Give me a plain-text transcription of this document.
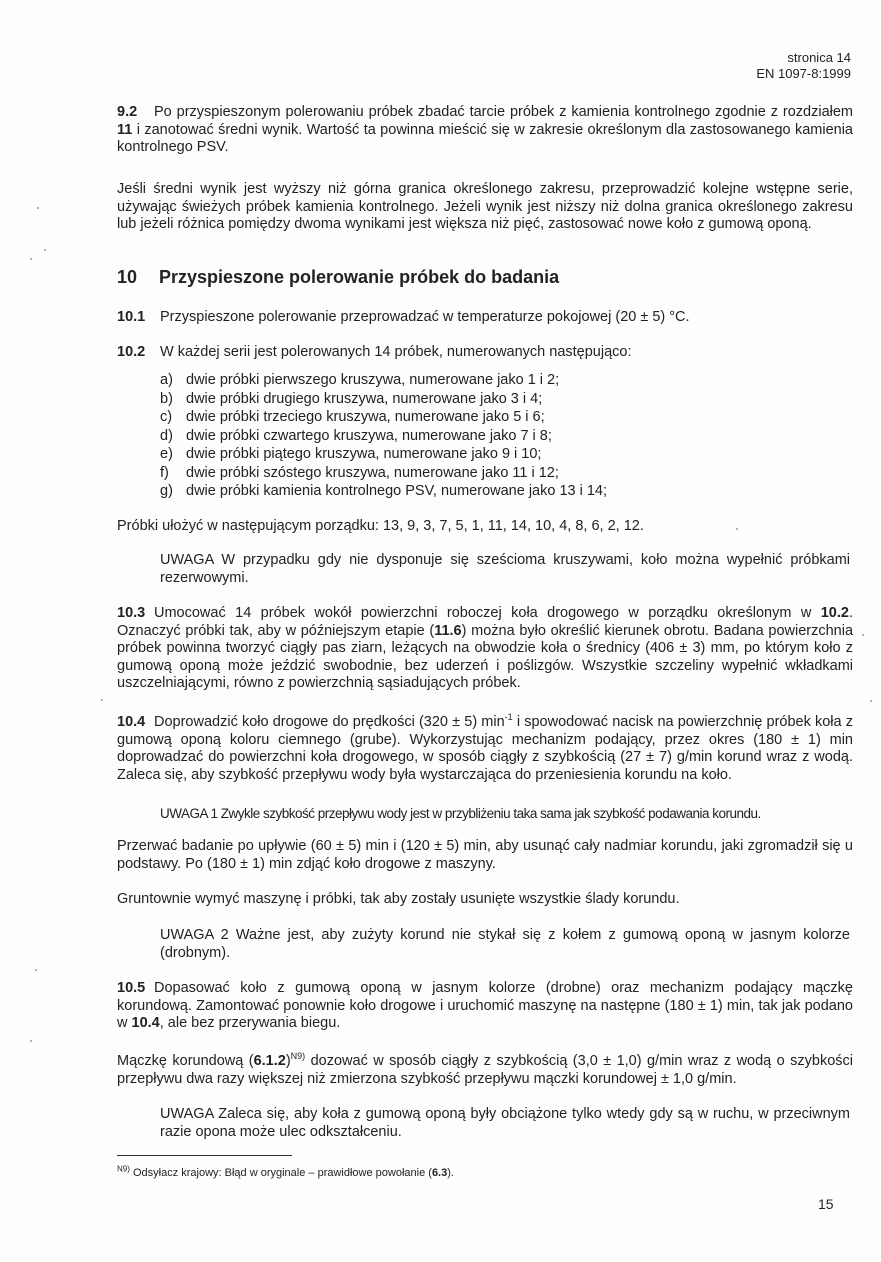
stronica 14
EN 1097-8:1999

9.2 Po przyspieszonym polerowaniu próbek zbadać tarcie próbek z kamienia kontrolnego zgodnie z rozdziałem 11 i zanotować średni wynik. Wartość ta powinna mieścić się w zakresie określonym dla zastosowanego kamienia kontrolnego PSV.

Jeśli średni wynik jest wyższy niż górna granica określonego zakresu, przeprowadzić kolejne wstępne serie, używając świeżych próbek kamienia kontrolnego. Jeżeli wynik jest niższy niż dolna granica określonego zakresu lub jeżeli różnica pomiędzy dwoma wynikami jest większa niż pięć, zastosować nowe koło z gumową oponą.

10 Przyspieszone polerowanie próbek do badania

10.1 Przyspieszone polerowanie przeprowadzać w temperaturze pokojowej (20 ± 5) °C.

10.2 W każdej serii jest polerowanych 14 próbek, numerowanych następująco:

a) dwie próbki pierwszego kruszywa, numerowane jako 1 i 2;
b) dwie próbki drugiego kruszywa, numerowane jako 3 i 4;
c) dwie próbki trzeciego kruszywa, numerowane jako 5 i 6;
d) dwie próbki czwartego kruszywa, numerowane jako 7 i 8;
e) dwie próbki piątego kruszywa, numerowane jako 9 i 10;
f) dwie próbki szóstego kruszywa, numerowane jako 11 i 12;
g) dwie próbki kamienia kontrolnego PSV, numerowane jako 13 i 14;

Próbki ułożyć w następującym porządku: 13, 9, 3, 7, 5, 1, 11, 14, 10, 4, 8, 6, 2, 12.

UWAGA W przypadku gdy nie dysponuje się sześcioma kruszywami, koło można wypełnić próbkami rezerwowymi.

10.3 Umocować 14 próbek wokół powierzchni roboczej koła drogowego w porządku określonym w 10.2. Oznaczyć próbki tak, aby w późniejszym etapie (11.6) można było określić kierunek obrotu. Badana powierzchnia próbek powinna tworzyć ciągły pas ziarn, leżących na obwodzie koła o średnicy (406 ± 3) mm, po którym koło z gumową oponą może jeździć swobodnie, bez uderzeń i poślizgów. Wszystkie szczeliny wypełnić wkładkami uszczelniającymi, równo z powierzchnią sąsiadujących próbek.

10.4 Doprowadzić koło drogowe do prędkości (320 ± 5) $\min^{-1} i$ spowodować nacisk na powierzchnię próbek koła z gumową oponą koloru ciemnego (grube). Wykorzystując mechanizm podający, przez okres (180 ± 1) min doprowadzać do powierzchni koła drogowego, w sposób ciągły z szybkością (27 ± 7) g/min korund wraz z wodą. Zaleca się, aby szybkość przepływu wody była wystarczająca do przeniesienia korundu na koło.

UWAGA 1 Zwykle szybkość przepływu wody jest w przybliżeniu taka sama jak szybkość podawania korundu.

Przerwać badanie po upływie (60 ± 5) min i (120 ± 5) min, aby usunąć cały nadmiar korundu, jaki zgromadził się u podstawy. Po (180 ± 1) min zdjąć koło drogowe z maszyny.

Gruntownie wymyć maszynę i próbki, tak aby zostały usunięte wszystkie ślady korundu.

UWAGA 2 Ważne jest, aby zużyty korund nie stykał się z kołem z gumową oponą w jasnym kolorze (drobnym).

10.5 Dopasować koło z gumową oponą w jasnym kolorze (drobne) oraz mechanizm podający mączkę korundową. Zamontować ponownie koło drogowe i uruchomić maszynę na następne (180 ± 1) min, tak jak podano w 10.4, ale bez przerywania biegu.

Mączkę korundową $(6.1.2)^{N9)}$ dozować w sposób ciągły z szybkością (3,0 ± 1,0) g/min wraz z wodą o szybkości przepływu dwa razy większej niż zmierzona szybkość przepływu mączki korundowej ± 1,0 g/min.

UWAGA Zaleca się, aby koła z gumową oponą były obciążone tylko wtedy gdy są w ruchu, w przeciwnym razie opona może ulec odkształceniu.

$^{N9)}$ Odsyłacz krajowy: Błąd w oryginale – prawidłowe powołanie (6.3).
15
